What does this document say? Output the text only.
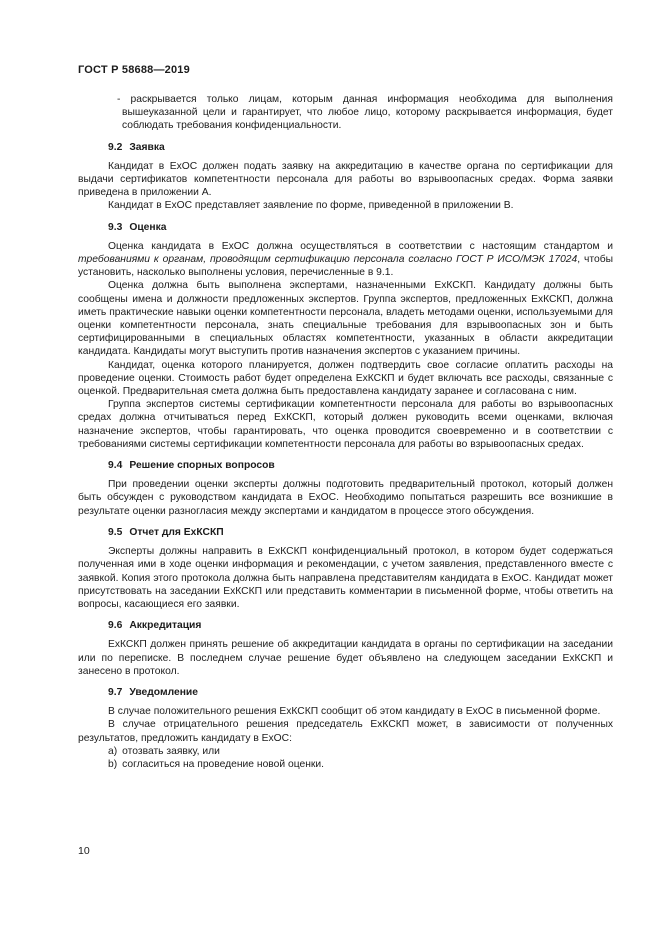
ГОСТ Р 58688—2019

- раскрывается только лицам, которым данная информация необходима для выполнения вышеуказанной цели и гарантирует, что любое лицо, которому раскрывается информация, будет соблюдать требования конфиденциальности.

9.2 Заявка

Кандидат в ЕхОС должен подать заявку на аккредитацию в качестве органа по сертификации для выдачи сертификатов компетентности персонала для работы во взрывоопасных средах. Форма заявки приведена в приложении А.

Кандидат в ЕхОС представляет заявление по форме, приведенной в приложении В.

9.3 Оценка

Оценка кандидата в ЕхОС должна осуществляться в соответствии с настоящим стандартом и требованиями к органам, проводящим сертификацию персонала согласно ГОСТ Р ИСО/МЭК 17024, чтобы установить, насколько выполнены условия, перечисленные в 9.1.

Оценка должна быть выполнена экспертами, назначенными ЕхКСКП. Кандидату должны быть сообщены имена и должности предложенных экспертов. Группа экспертов, предложенных ЕхКСКП, должна иметь практические навыки оценки компетентности персонала, владеть методами оценки, используемыми для оценки компетентности персонала, знать специальные требования для взрывоопасных зон и быть сертифицированными в специальных областях компетентности, указанных в области аккредитации кандидата. Кандидаты могут выступить против назначения экспертов с указанием причины.

Кандидат, оценка которого планируется, должен подтвердить свое согласие оплатить расходы на проведение оценки. Стоимость работ будет определена ЕхКСКП и будет включать все расходы, связанные с оценкой. Предварительная смета должна быть предоставлена кандидату заранее и согласована с ним.

Группа экспертов системы сертификации компетентности персонала для работы во взрывоопасных средах должна отчитываться перед ЕхКСКП, который должен руководить всеми оценками, включая назначение экспертов, чтобы гарантировать, что оценка проводится своевременно и в соответствии с требованиями системы сертификации компетентности персонала для работы во взрывоопасных средах.

9.4 Решение спорных вопросов

При проведении оценки эксперты должны подготовить предварительный протокол, который должен быть обсужден с руководством кандидата в ЕхОС. Необходимо попытаться разрешить все возникшие в результате оценки разногласия между экспертами и кандидатом в процессе этого обсуждения.

9.5 Отчет для ЕхКСКП

Эксперты должны направить в ЕхКСКП конфиденциальный протокол, в котором будет содержаться полученная ими в ходе оценки информация и рекомендации, с учетом заявления, представленного вместе с заявкой. Копия этого протокола должна быть направлена представителям кандидата в ЕхОС. Кандидат может присутствовать на заседании ЕхКСКП или представить комментарии в письменной форме, чтобы ответить на вопросы, касающиеся его заявки.

9.6 Аккредитация

ЕхКСКП должен принять решение об аккредитации кандидата в органы по сертификации на заседании или по переписке. В последнем случае решение будет объявлено на следующем заседании ЕхКСКП и занесено в протокол.

9.7 Уведомление

В случае положительного решения ЕхКСКП сообщит об этом кандидату в ЕхОС в письменной форме.

В случае отрицательного решения председатель ЕхКСКП может, в зависимости от полученных результатов, предложить кандидату в ЕхОС:

a) отозвать заявку, или

b) согласиться на проведение новой оценки.

10
